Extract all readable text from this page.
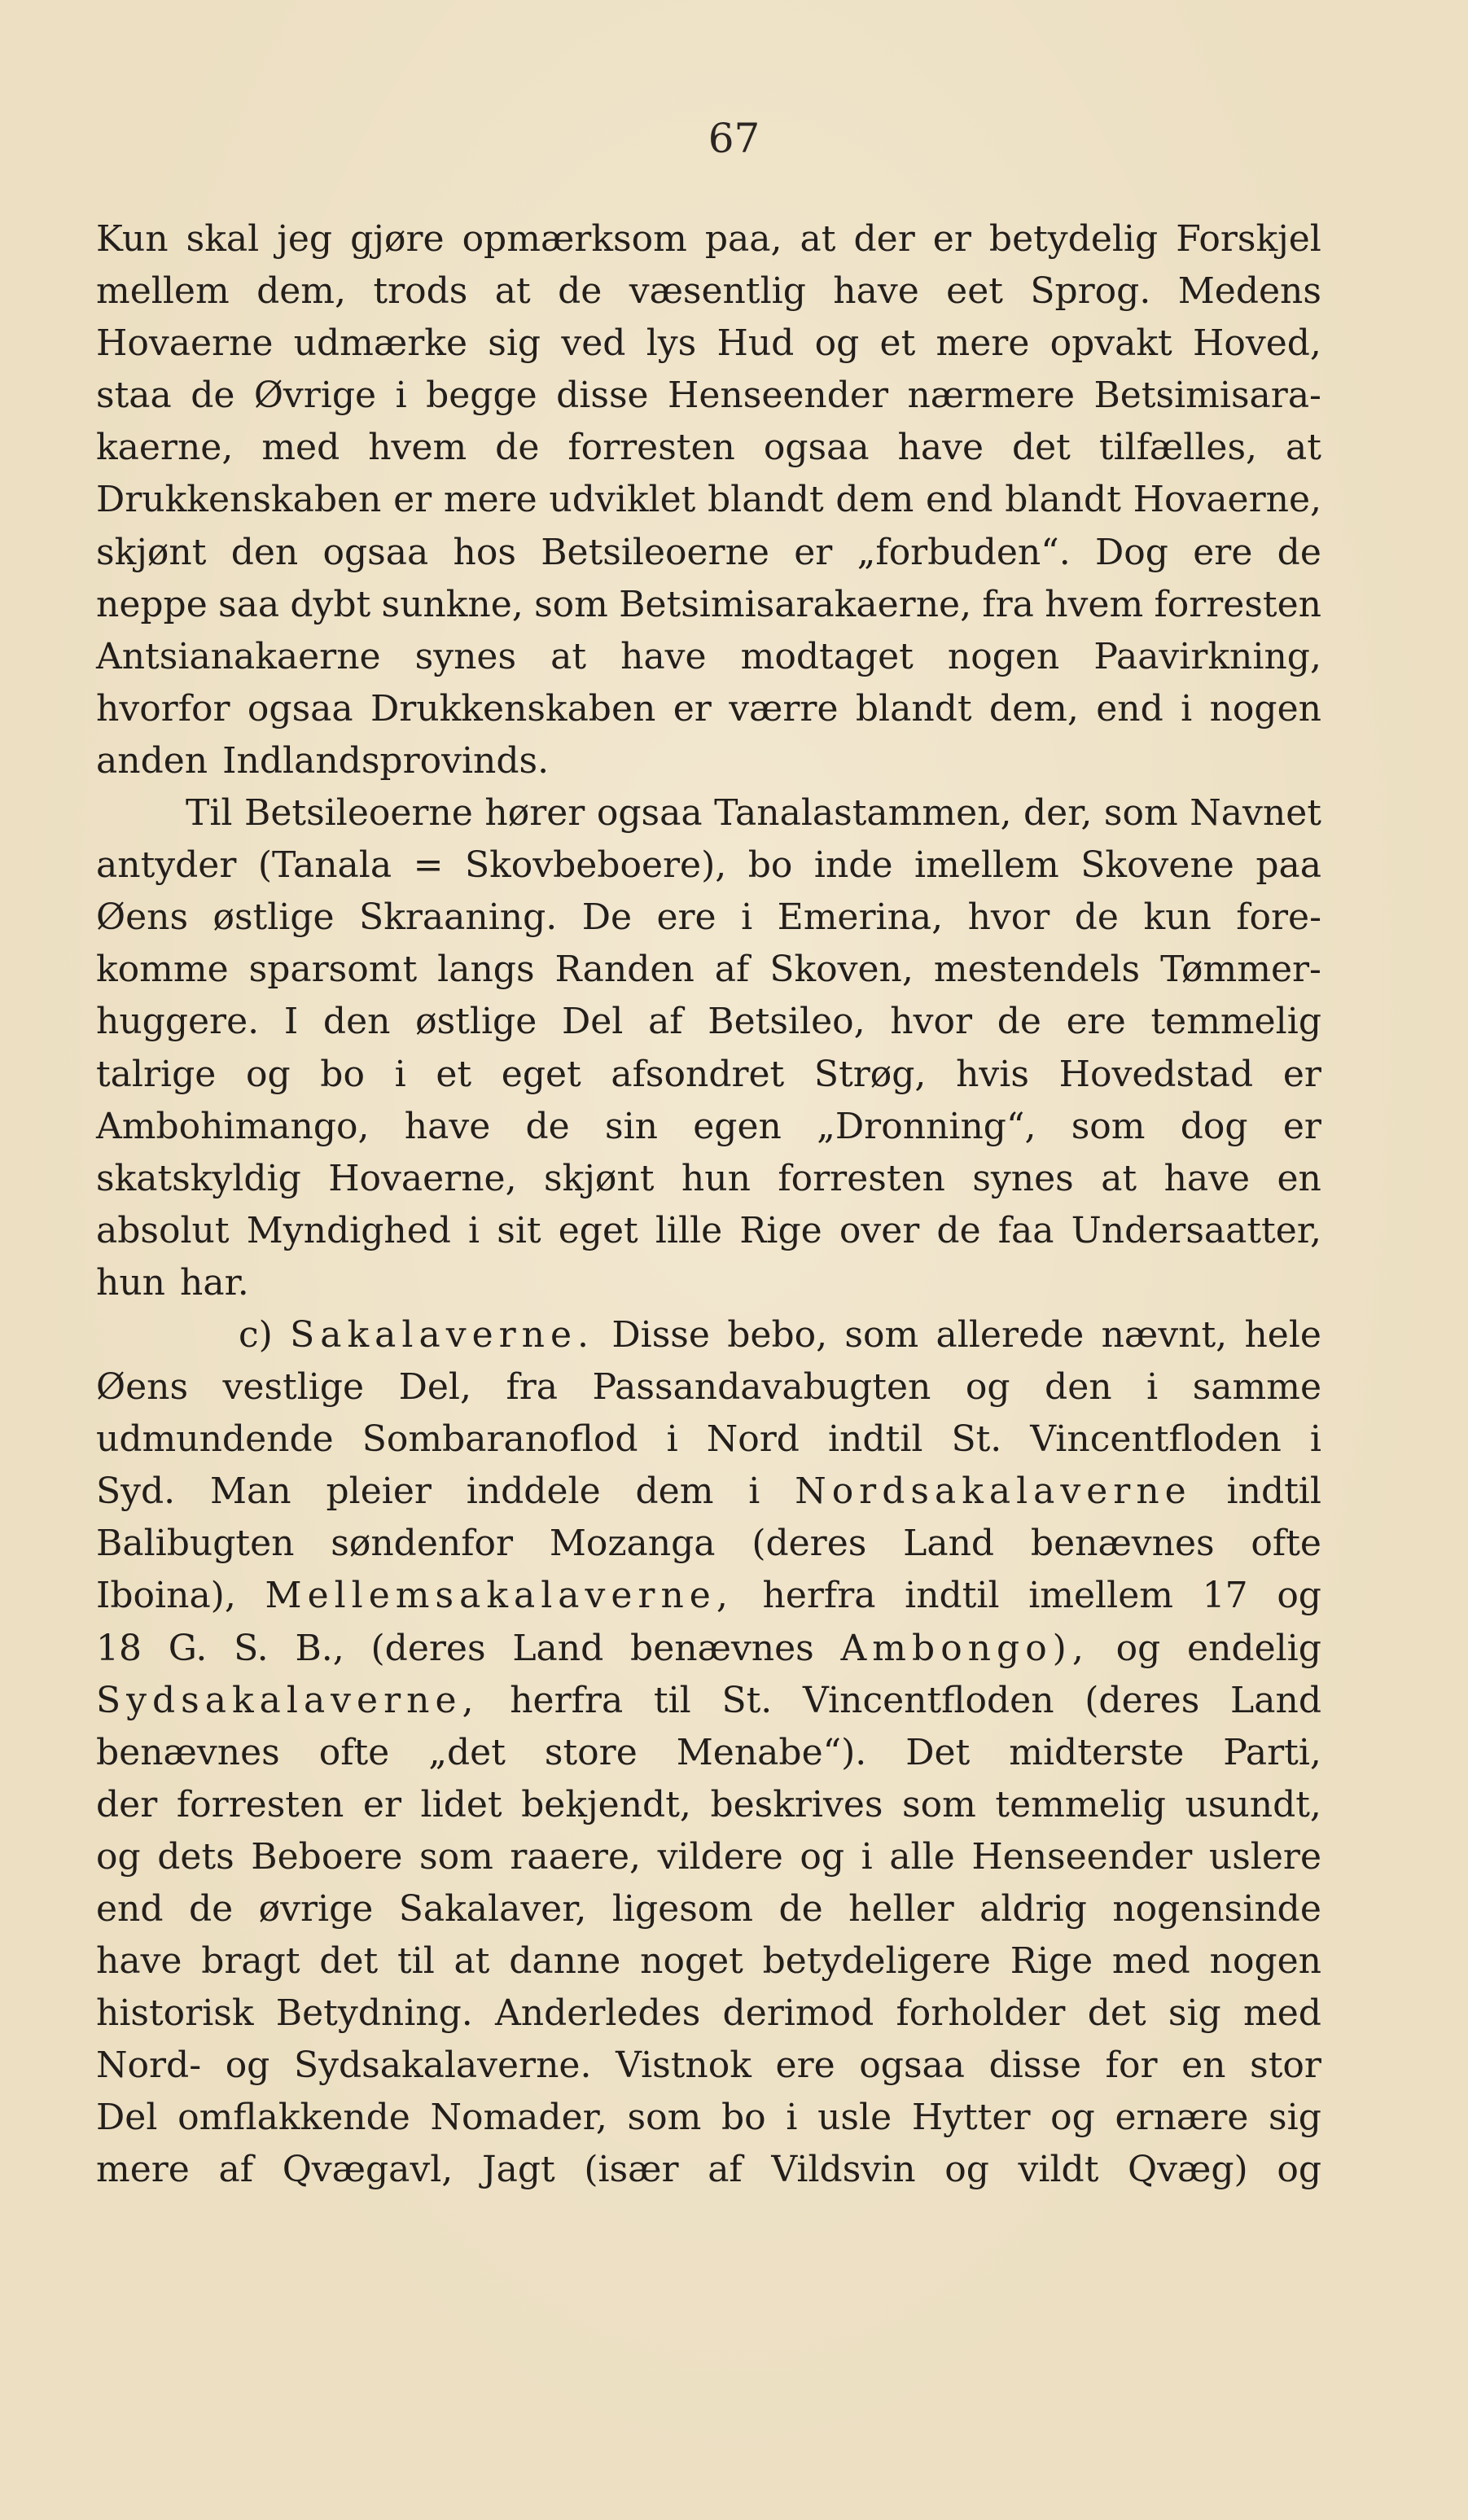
67
Kun skal jeg gjøre opmærksom paa, at der er betydelig Forskjel
mellem dem, trods at de væsentlig have eet Sprog. Medens
Hovaerne udmærke sig ved lys Hud og et mere opvakt Hoved,
staa de Øvrige i begge disse Henseender nærmere Betsimisara-
kaerne, med hvem de forresten ogsaa have det tilfælles, at
Drukkenskaben er mere udviklet blandt dem end blandt Hovaerne,
skjønt den ogsaa hos Betsileoerne er „forbuden“. Dog ere de
neppe saa dybt sunkne, som Betsimisarakaerne, fra hvem forresten
Antsianakaerne synes at have modtaget nogen Paavirkning,
hvorfor ogsaa Drukkenskaben er værre blandt dem, end i nogen
anden Indlandsprovinds.
Til Betsileoerne hører ogsaa Tanalastammen, der, som Navnet
antyder (Tanala = Skovbeboere), bo inde imellem Skovene paa
Øens østlige Skraaning. De ere i Emerina, hvor de kun fore-
komme sparsomt langs Randen af Skoven, mestendels Tømmer-
huggere. I den østlige Del af Betsileo, hvor de ere temmelig
talrige og bo i et eget afsondret Strøg, hvis Hovedstad er
Ambohimango, have de sin egen „Dronning“, som dog er
skatskyldig Hovaerne, skjønt hun forresten synes at have en
absolut Myndighed i sit eget lille Rige over de faa Undersaatter,
hun har.
c) Sakalaverne. Disse bebo, som allerede nævnt, hele
Øens vestlige Del, fra Passandavabugten og den i samme
udmundende Sombaranoflod i Nord indtil St. Vincentfloden i
Syd. Man pleier inddele dem i Nordsakalaverne indtil
Balibugten søndenfor Mozanga (deres Land benævnes ofte
Iboina), Mellemsakalaverne, herfra indtil imellem 17 og
18 G. S. B., (deres Land benævnes Ambongo), og endelig
Sydsakalaverne, herfra til St. Vincentfloden (deres Land
benævnes ofte „det store Menabe“). Det midterste Parti,
der forresten er lidet bekjendt, beskrives som temmelig usundt,
og dets Beboere som raaere, vildere og i alle Henseender uslere
end de øvrige Sakalaver, ligesom de heller aldrig nogensinde
have bragt det til at danne noget betydeligere Rige med nogen
historisk Betydning. Anderledes derimod forholder det sig med
Nord- og Sydsakalaverne. Vistnok ere ogsaa disse for en stor
Del omflakkende Nomader, som bo i usle Hytter og ernære sig
mere af Qvægavl, Jagt (især af Vildsvin og vildt Qvæg) og
